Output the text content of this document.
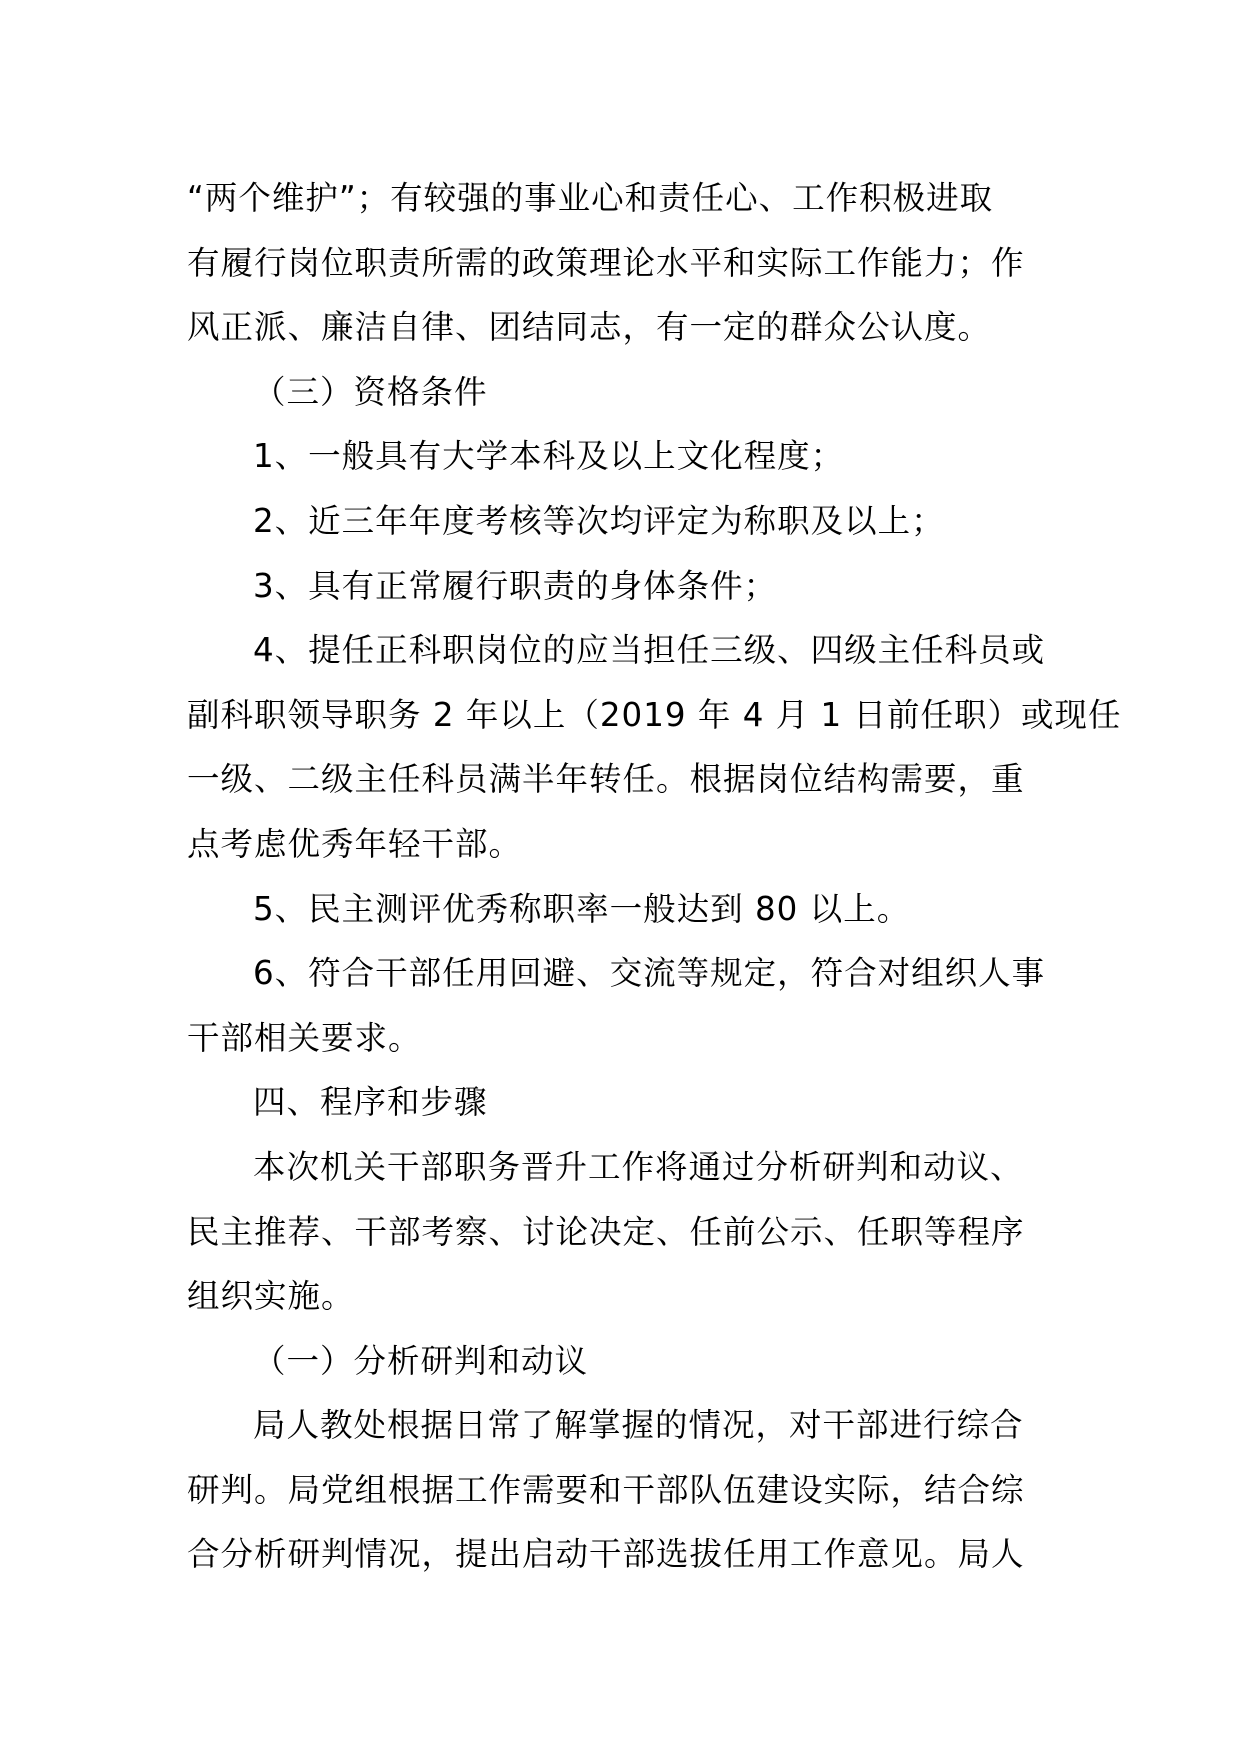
“两个维护”；有较强的事业心和责任心、工作积极进取
有履行岗位职责所需的政策理论水平和实际工作能力；作
风正派、廉洁自律、团结同志，有一定的群众公认度。
（三）资格条件
1、一般具有大学本科及以上文化程度；
2、近三年年度考核等次均评定为称职及以上；
3、具有正常履行职责的身体条件；
4、提任正科职岗位的应当担任三级、四级主任科员或
副科职领导职务 2 年以上（2019 年 4 月 1 日前任职）或现任
一级、二级主任科员满半年转任。根据岗位结构需要，重
点考虑优秀年轻干部。
5、民主测评优秀称职率一般达到 80 以上。
6、符合干部任用回避、交流等规定，符合对组织人事
干部相关要求。
四、程序和步骤
本次机关干部职务晋升工作将通过分析研判和动议、
民主推荐、干部考察、讨论决定、任前公示、任职等程序
组织实施。
（一）分析研判和动议
局人教处根据日常了解掌握的情况，对干部进行综合
研判。局党组根据工作需要和干部队伍建设实际，结合综
合分析研判情况，提出启动干部选拔任用工作意见。局人
